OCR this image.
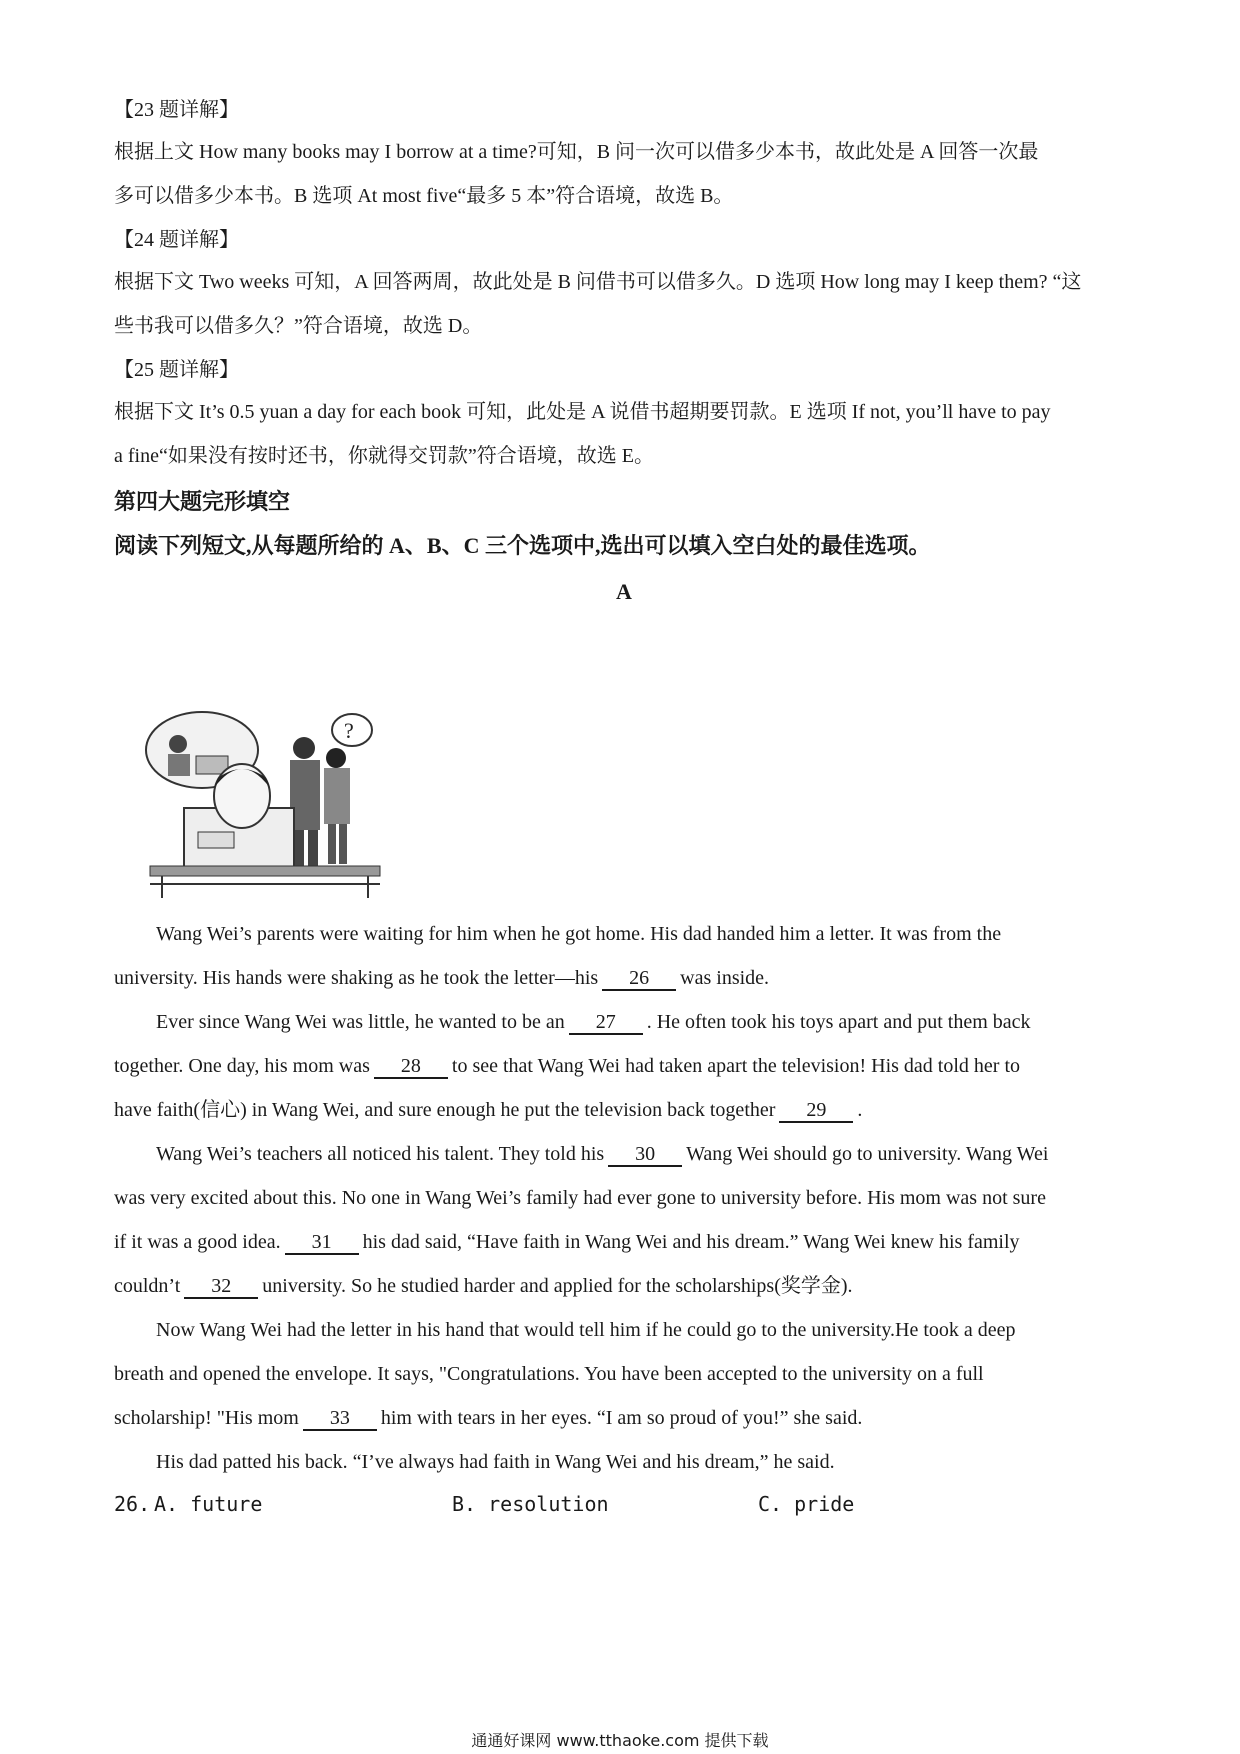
【23 题详解】
根据上文 How many books may I borrow at a time?可知，B 问一次可以借多少本书，故此处是 A 回答一次最
多可以借多少本书。B 选项 At most five“最多 5 本”符合语境，故选 B。
【24 题详解】
根据下文 Two weeks 可知，A 回答两周，故此处是 B 问借书可以借多久。D 选项 How long may I keep them? “这
些书我可以借多久？”符合语境，故选 D。
【25 题详解】
根据下文 It’s 0.5 yuan a day for each book 可知，此处是 A 说借书超期要罚款。E 选项 If not, you’ll have to pay
a fine“如果没有按时还书，你就得交罚款”符合语境，故选 E。
第四大题完形填空
阅读下列短文,从每题所给的 A、B、C 三个选项中,选出可以填入空白处的最佳选项。
A
?
Wang Wei’s parents were waiting for him when he got home. His dad handed him a letter. It was from the
university. His hands were shaking as he took the letter—his 26 was inside.
Ever since Wang Wei was little, he wanted to be an 27 . He often took his toys apart and put them back
together. One day, his mom was 28 to see that Wang Wei had taken apart the television! His dad told her to
have faith(信心) in Wang Wei, and sure enough he put the television back together 29 .
Wang Wei’s teachers all noticed his talent. They told his 30 Wang Wei should go to university. Wang Wei
was very excited about this. No one in Wang Wei’s family had ever gone to university before. His mom was not sure
if it was a good idea. 31 his dad said, “Have faith in Wang Wei and his dream.” Wang Wei knew his family
couldn’t 32 university. So he studied harder and applied for the scholarships(奖学金).
Now Wang Wei had the letter in his hand that would tell him if he could go to the university.He took a deep
breath and opened the envelope. It says, "Congratulations. You have been accepted to the university on a full
scholarship! "His mom 33 him with tears in her eyes. “I am so proud of you!” she said.
His dad patted his back. “I’ve always had faith in Wang Wei and his dream,” he said.
26. A. future	B. resolution	C. pride
通通好课网 www.tthaoke.com 提供下载
